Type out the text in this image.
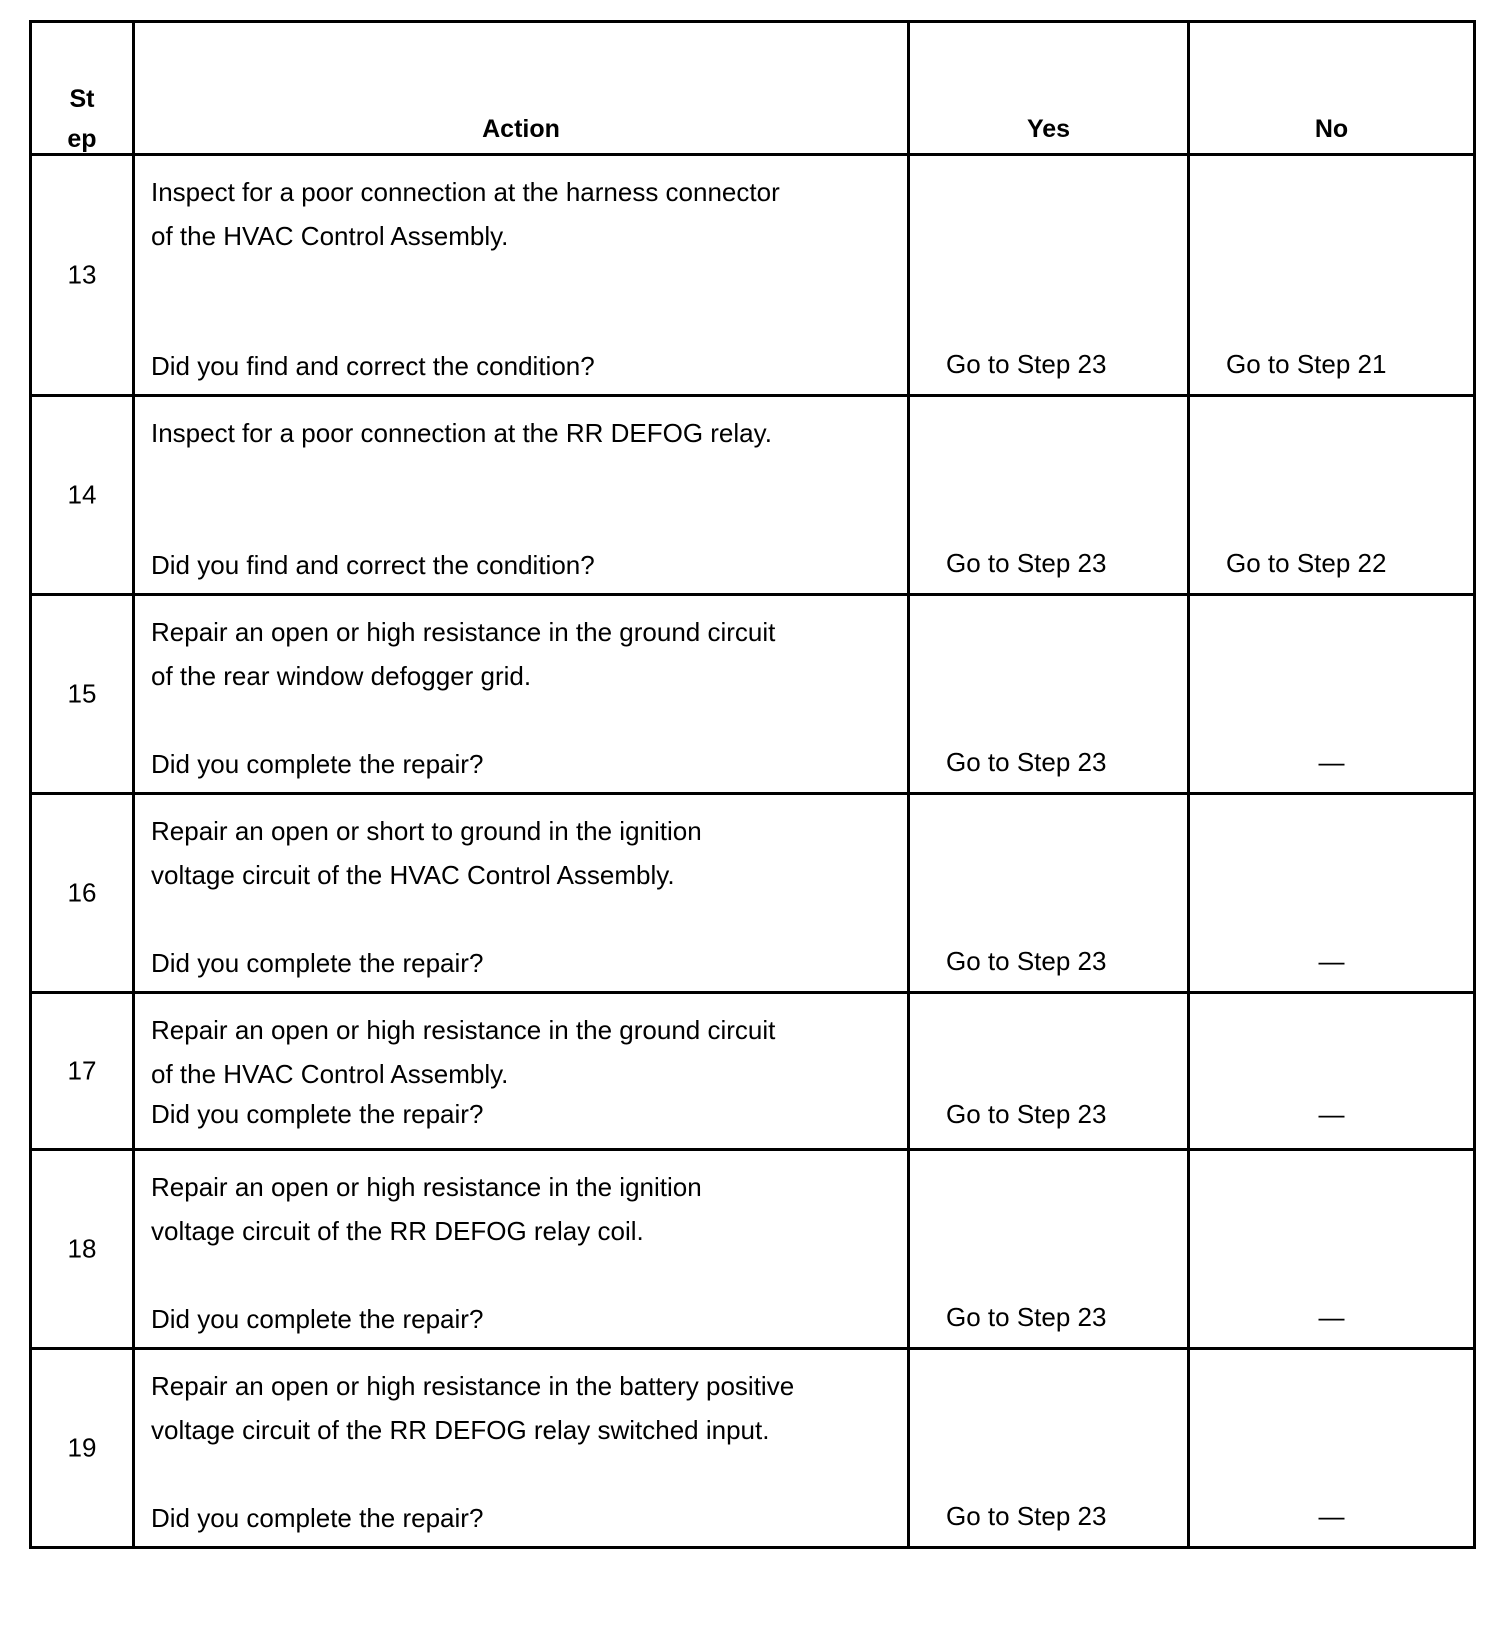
St
ep	Action	Yes	No

13	Inspect for a poor connection at the harness connector
of the HVAC Control Assembly.
Did you find and correct the condition?	Go to Step 23	Go to Step 21

14	Inspect for a poor connection at the RR DEFOG relay.
Did you find and correct the condition?	Go to Step 23	Go to Step 22

15	Repair an open or high resistance in the ground circuit
of the rear window defogger grid.
Did you complete the repair?	Go to Step 23	—

16	Repair an open or short to ground in the ignition
voltage circuit of the HVAC Control Assembly.
Did you complete the repair?	Go to Step 23	—

17	Repair an open or high resistance in the ground circuit
of the HVAC Control Assembly.
Did you complete the repair?	Go to Step 23	—

18	Repair an open or high resistance in the ignition
voltage circuit of the RR DEFOG relay coil.
Did you complete the repair?	Go to Step 23	—

19	Repair an open or high resistance in the battery positive
voltage circuit of the RR DEFOG relay switched input.
Did you complete the repair?	Go to Step 23	—
